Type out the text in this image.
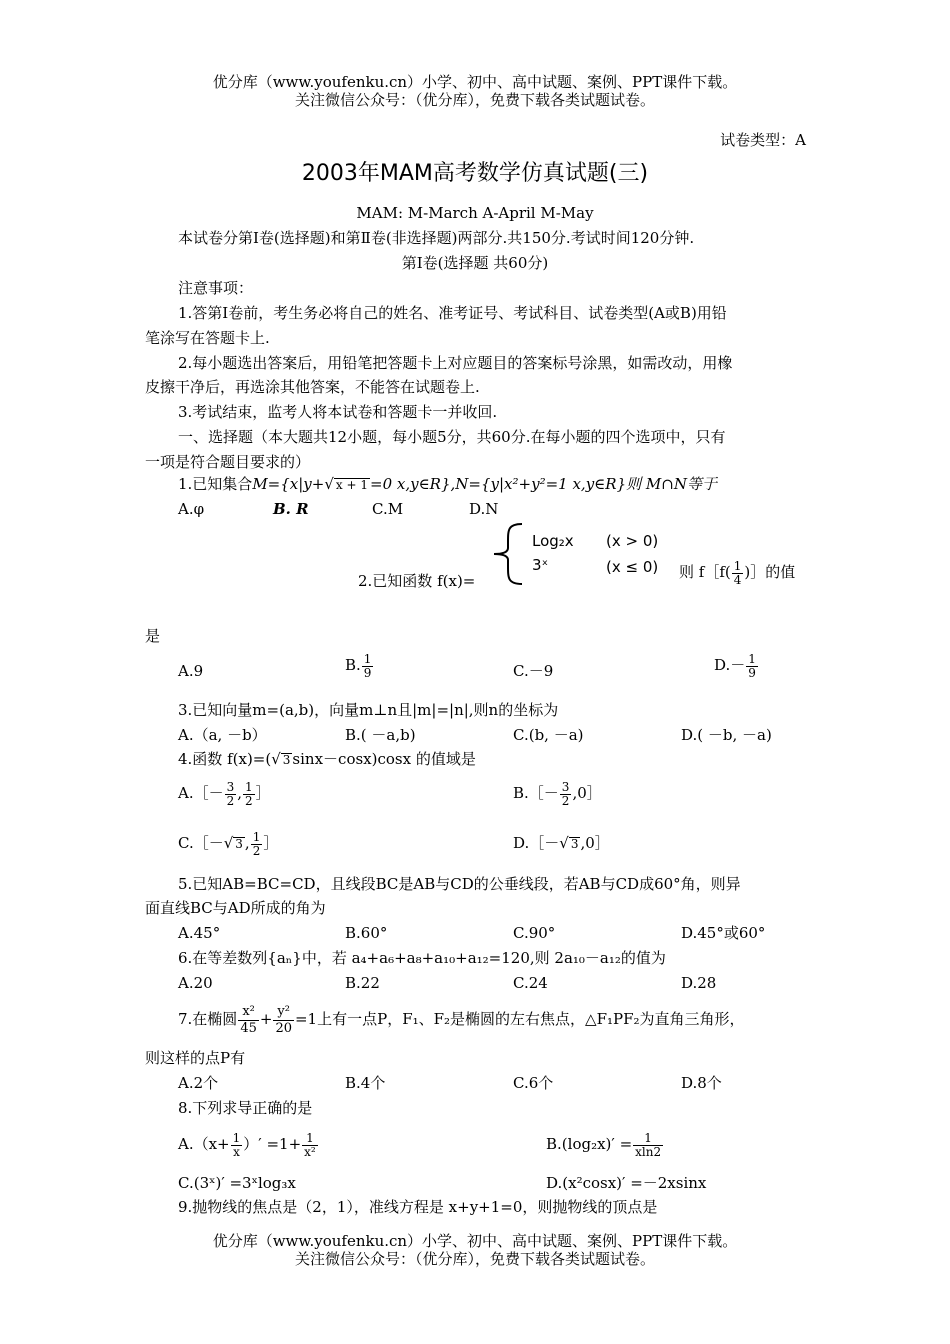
优分库（www.youfenku.cn）小学、初中、高中试题、案例、PPT课件下载。
关注微信公众号：（优分库），免费下载各类试题试卷。
试卷类型：A
2003年MAM高考数学仿真试题(三)
MAM: M-March A-April M-May
本试卷分第Ⅰ卷(选择题)和第Ⅱ卷(非选择题)两部分.共150分.考试时间120分钟.
第Ⅰ卷(选择题 共60分)
注意事项：
1.答第Ⅰ卷前，考生务必将自己的姓名、准考证号、考试科目、试卷类型(A或B)用铅
笔涂写在答题卡上.
2.每小题选出答案后，用铅笔把答题卡上对应题目的答案标号涂黑，如需改动，用橡
皮擦干净后，再选涂其他答案，不能答在试题卷上.
3.考试结束，监考人将本试卷和答题卡一并收回.
一、选择题（本大题共12小题，每小题5分，共60分.在每小题的四个选项中，只有
一项是符合题目要求的）
1.已知集合M={x|y+√ x + 1 =0 x,y∈R},N={y|x²+y²=1 x,y∈R}则 M∩N等于
A.φ	B. R	C.M	D.N
Log₂x (x > 0)
3ˣ	(x ≤ 0)
2.已知函数 f(x)=	则 f［f( $\frac{1}{4}$ )］的值
是
A.9	B. $\frac{1}{9}$	C.－9	$D.- \frac{1}{9}$
3.已知向量m=(a,b)，向量m⊥n且|m|=|n|,则n的坐标为
A.（a, －b）	B.( －a,b)	C.(b, －a)	D.( －b, －a)
4.函数 f(x)=(√ 3 sinx－cosx)cosx 的值域是
A.［－ $\frac{3}{2}$ , $\frac{1}{2}$ ］	B.［－ $\frac{3}{2}$ ,0］
C.［－√ 3 , $\frac{1}{2}$ ］	D.［－√ 3 ,0］
5.已知AB=BC=CD，且线段BC是AB与CD的公垂线段，若AB与CD成60°角，则异
面直线BC与AD所成的角为
A.45°	B.60°	C.90°	D.45°或60°
6.在等差数列{aₙ}中，若 a₄+a₆+a₈+a₁₀+a₁₂=120,则 2a₁₀－a₁₂的值为
A.20	B.22	C.24	D.28
7.在椭圆 $\frac{\text{x²}}{45} + \frac{\text{y²}}{20} =1$上有一点P，F₁、F₂是椭圆的左右焦点，△F₁PF₂为直角三角形，
则这样的点P有
A.2个	B.4个	C.6个	D.8个
8.下列求导正确的是
$A.(x+ \frac{1}{x}$ ）′ $=1+ \frac{1}{\text{x²}}$	$B.(\log_2x)' = \frac{1}{xln2}$
C.(3ˣ)′ =3ˣlog₃x	D.(x²cosx)′ =－2xsinx
9.抛物线的焦点是（2，1），准线方程是 x+y+1=0，则抛物线的顶点是
优分库（www.youfenku.cn）小学、初中、高中试题、案例、PPT课件下载。
关注微信公众号：（优分库），免费下载各类试题试卷。
